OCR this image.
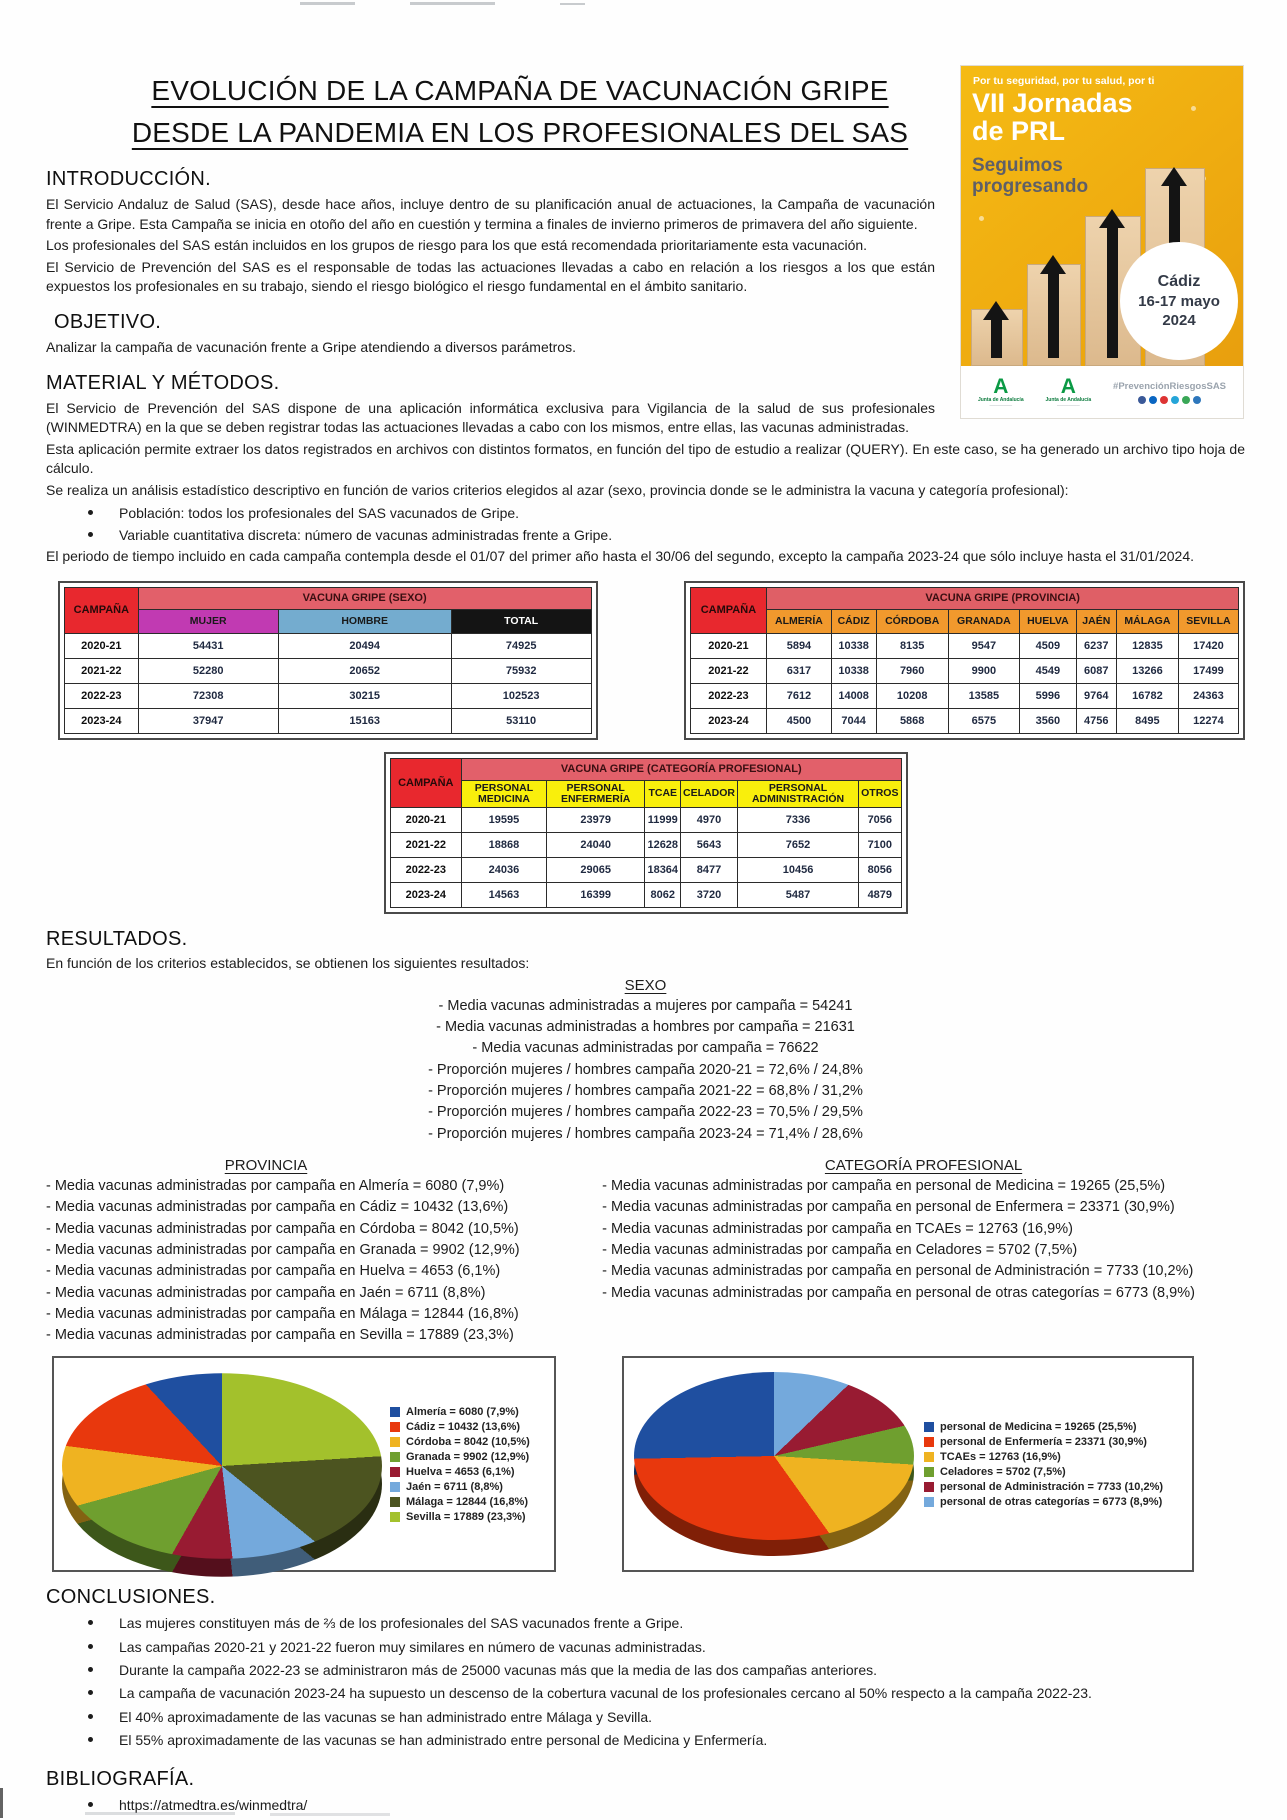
Por tu seguridad, por tu salud, por ti
VII Jornadas
de PRL
Seguimos
progresando
Cádiz
16-17 mayo
2024
A
Junta de Andalucía
────────
A
Junta de Andalucía
────────
#PrevenciónRiesgosSAS
EVOLUCIÓN DE LA CAMPAÑA DE VACUNACIÓN GRIPE
DESDE LA PANDEMIA EN LOS PROFESIONALES DEL SAS
INTRODUCCIÓN.

El Servicio Andaluz de Salud (SAS), desde hace años, incluye dentro de su planificación anual de actuaciones, la Campaña de vacunación frente a Gripe. Esta Campaña se inicia en otoño del año en cuestión y termina a finales de invierno primeros de primavera del año siguiente.

Los profesionales del SAS están incluidos en los grupos de riesgo para los que está recomendada prioritariamente esta vacunación.

El Servicio de Prevención del SAS es el responsable de todas las actuaciones llevadas a cabo en relación a los riesgos a los que están expuestos los profesionales en su trabajo, siendo el riesgo biológico el riesgo fundamental en el ámbito sanitario.

OBJETIVO.

Analizar la campaña de vacunación frente a Gripe atendiendo a diversos parámetros.

MATERIAL Y MÉTODOS.

El Servicio de Prevención del SAS dispone de una aplicación informática exclusiva para Vigilancia de la salud de sus profesionales (WINMEDTRA) en la que se deben registrar todas las actuaciones llevadas a cabo con los mismos, entre ellas, las vacunas administradas.

Esta aplicación permite extraer los datos registrados en archivos con distintos formatos, en función del tipo de estudio a realizar (QUERY). En este caso, se ha generado un archivo tipo hoja de cálculo.

Se realiza un análisis estadístico descriptivo en función de varios criterios elegidos al azar (sexo, provincia donde se le administra la vacuna y categoría profesional):

Población: todos los profesionales del SAS vacunados de Gripe.
Variable cuantitativa discreta: número de vacunas administradas frente a Gripe.

El periodo de tiempo incluido en cada campaña contempla desde el 01/07 del primer año hasta el 30/06 del segundo, excepto la campaña 2023-24 que sólo incluye hasta el 31/01/2024.

CAMPAÑA	VACUNA GRIPE (SEXO)		
	MUJER	HOMBRE	TOTAL
2020-21	54431	20494	74925
2021-22	52280	20652	75932
2022-23	72308	30215	102523
2023-24	37947	15163	53110
CAMPAÑA	VACUNA GRIPE (PROVINCIA)							
	ALMERÍA	CÁDIZ	CÓRDOBA	GRANADA	HUELVA	JAÉN	MÁLAGA	SEVILLA
2020-21	5894	10338	8135	9547	4509	6237	12835	17420
2021-22	6317	10338	7960	9900	4549	6087	13266	17499
2022-23	7612	14008	10208	13585	5996	9764	16782	24363
2023-24	4500	7044	5868	6575	3560	4756	8495	12274
CAMPAÑA	VACUNA GRIPE (CATEGORÍA PROFESIONAL)					
	PERSONAL MEDICINA	PERSONAL ENFERMERÍA	TCAE	CELADOR	PERSONAL ADMINISTRACIÓN	OTROS
2020-21	19595	23979	11999	4970	7336	7056
2021-22	18868	24040	12628	5643	7652	7100
2022-23	24036	29065	18364	8477	10456	8056
2023-24	14563	16399	8062	3720	5487	4879
RESULTADOS.
En función de los criterios establecidos, se obtienen los siguientes resultados:
SEXO
- Media vacunas administradas a mujeres por campaña = 54241
- Media vacunas administradas a hombres por campaña = 21631
- Media vacunas administradas por campaña = 76622
- Proporción mujeres / hombres campaña 2020-21 = 72,6% / 24,8%
- Proporción mujeres / hombres campaña 2021-22 = 68,8% / 31,2%
- Proporción mujeres / hombres campaña 2022-23 = 70,5% / 29,5%
- Proporción mujeres / hombres campaña 2023-24 = 71,4% / 28,6%
PROVINCIA
- Media vacunas administradas por campaña en Almería = 6080 (7,9%)
- Media vacunas administradas por campaña en Cádiz = 10432 (13,6%)
- Media vacunas administradas por campaña en Córdoba = 8042 (10,5%)
- Media vacunas administradas por campaña en Granada = 9902 (12,9%)
- Media vacunas administradas por campaña en Huelva = 4653 (6,1%)
- Media vacunas administradas por campaña en Jaén = 6711 (8,8%)
- Media vacunas administradas por campaña en Málaga = 12844 (16,8%)
- Media vacunas administradas por campaña en Sevilla = 17889 (23,3%)
CATEGORÍA PROFESIONAL
- Media vacunas administradas por campaña en personal de Medicina = 19265 (25,5%)
- Media vacunas administradas por campaña en personal de Enfermera = 23371 (30,9%)
- Media vacunas administradas por campaña en TCAEs = 12763 (16,9%)
- Media vacunas administradas por campaña en Celadores = 5702 (7,5%)
- Media vacunas administradas por campaña en personal de Administración = 7733 (10,2%)
- Media vacunas administradas por campaña en personal de otras categorías = 6773 (8,9%)
Almería = 6080 (7,9%)
Cádiz = 10432 (13,6%)
Córdoba = 8042 (10,5%)
Granada = 9902 (12,9%)
Huelva = 4653 (6,1%)
Jaén = 6711 (8,8%)
Málaga = 12844 (16,8%)
Sevilla = 17889 (23,3%)
personal de Medicina = 19265 (25,5%)
personal de Enfermería = 23371 (30,9%)
TCAEs = 12763 (16,9%)
Celadores = 5702 (7,5%)
personal de Administración = 7733 (10,2%)
personal de otras categorías = 6773 (8,9%)
CONCLUSIONES.
Las mujeres constituyen más de ⅔ de los profesionales del SAS vacunados frente a Gripe.
Las campañas 2020-21 y 2021-22 fueron muy similares en número de vacunas administradas.
Durante la campaña 2022-23 se administraron más de 25000 vacunas más que la media de las dos campañas anteriores.
La campaña de vacunación 2023-24 ha supuesto un descenso de la cobertura vacunal de los profesionales cercano al 50% respecto a la campaña 2022-23.
El 40% aproximadamente de las vacunas se han administrado entre Málaga y Sevilla.
El 55% aproximadamente de las vacunas se han administrado entre personal de Medicina y Enfermería.
BIBLIOGRAFÍA.
https://atmedtra.es/winmedtra/
